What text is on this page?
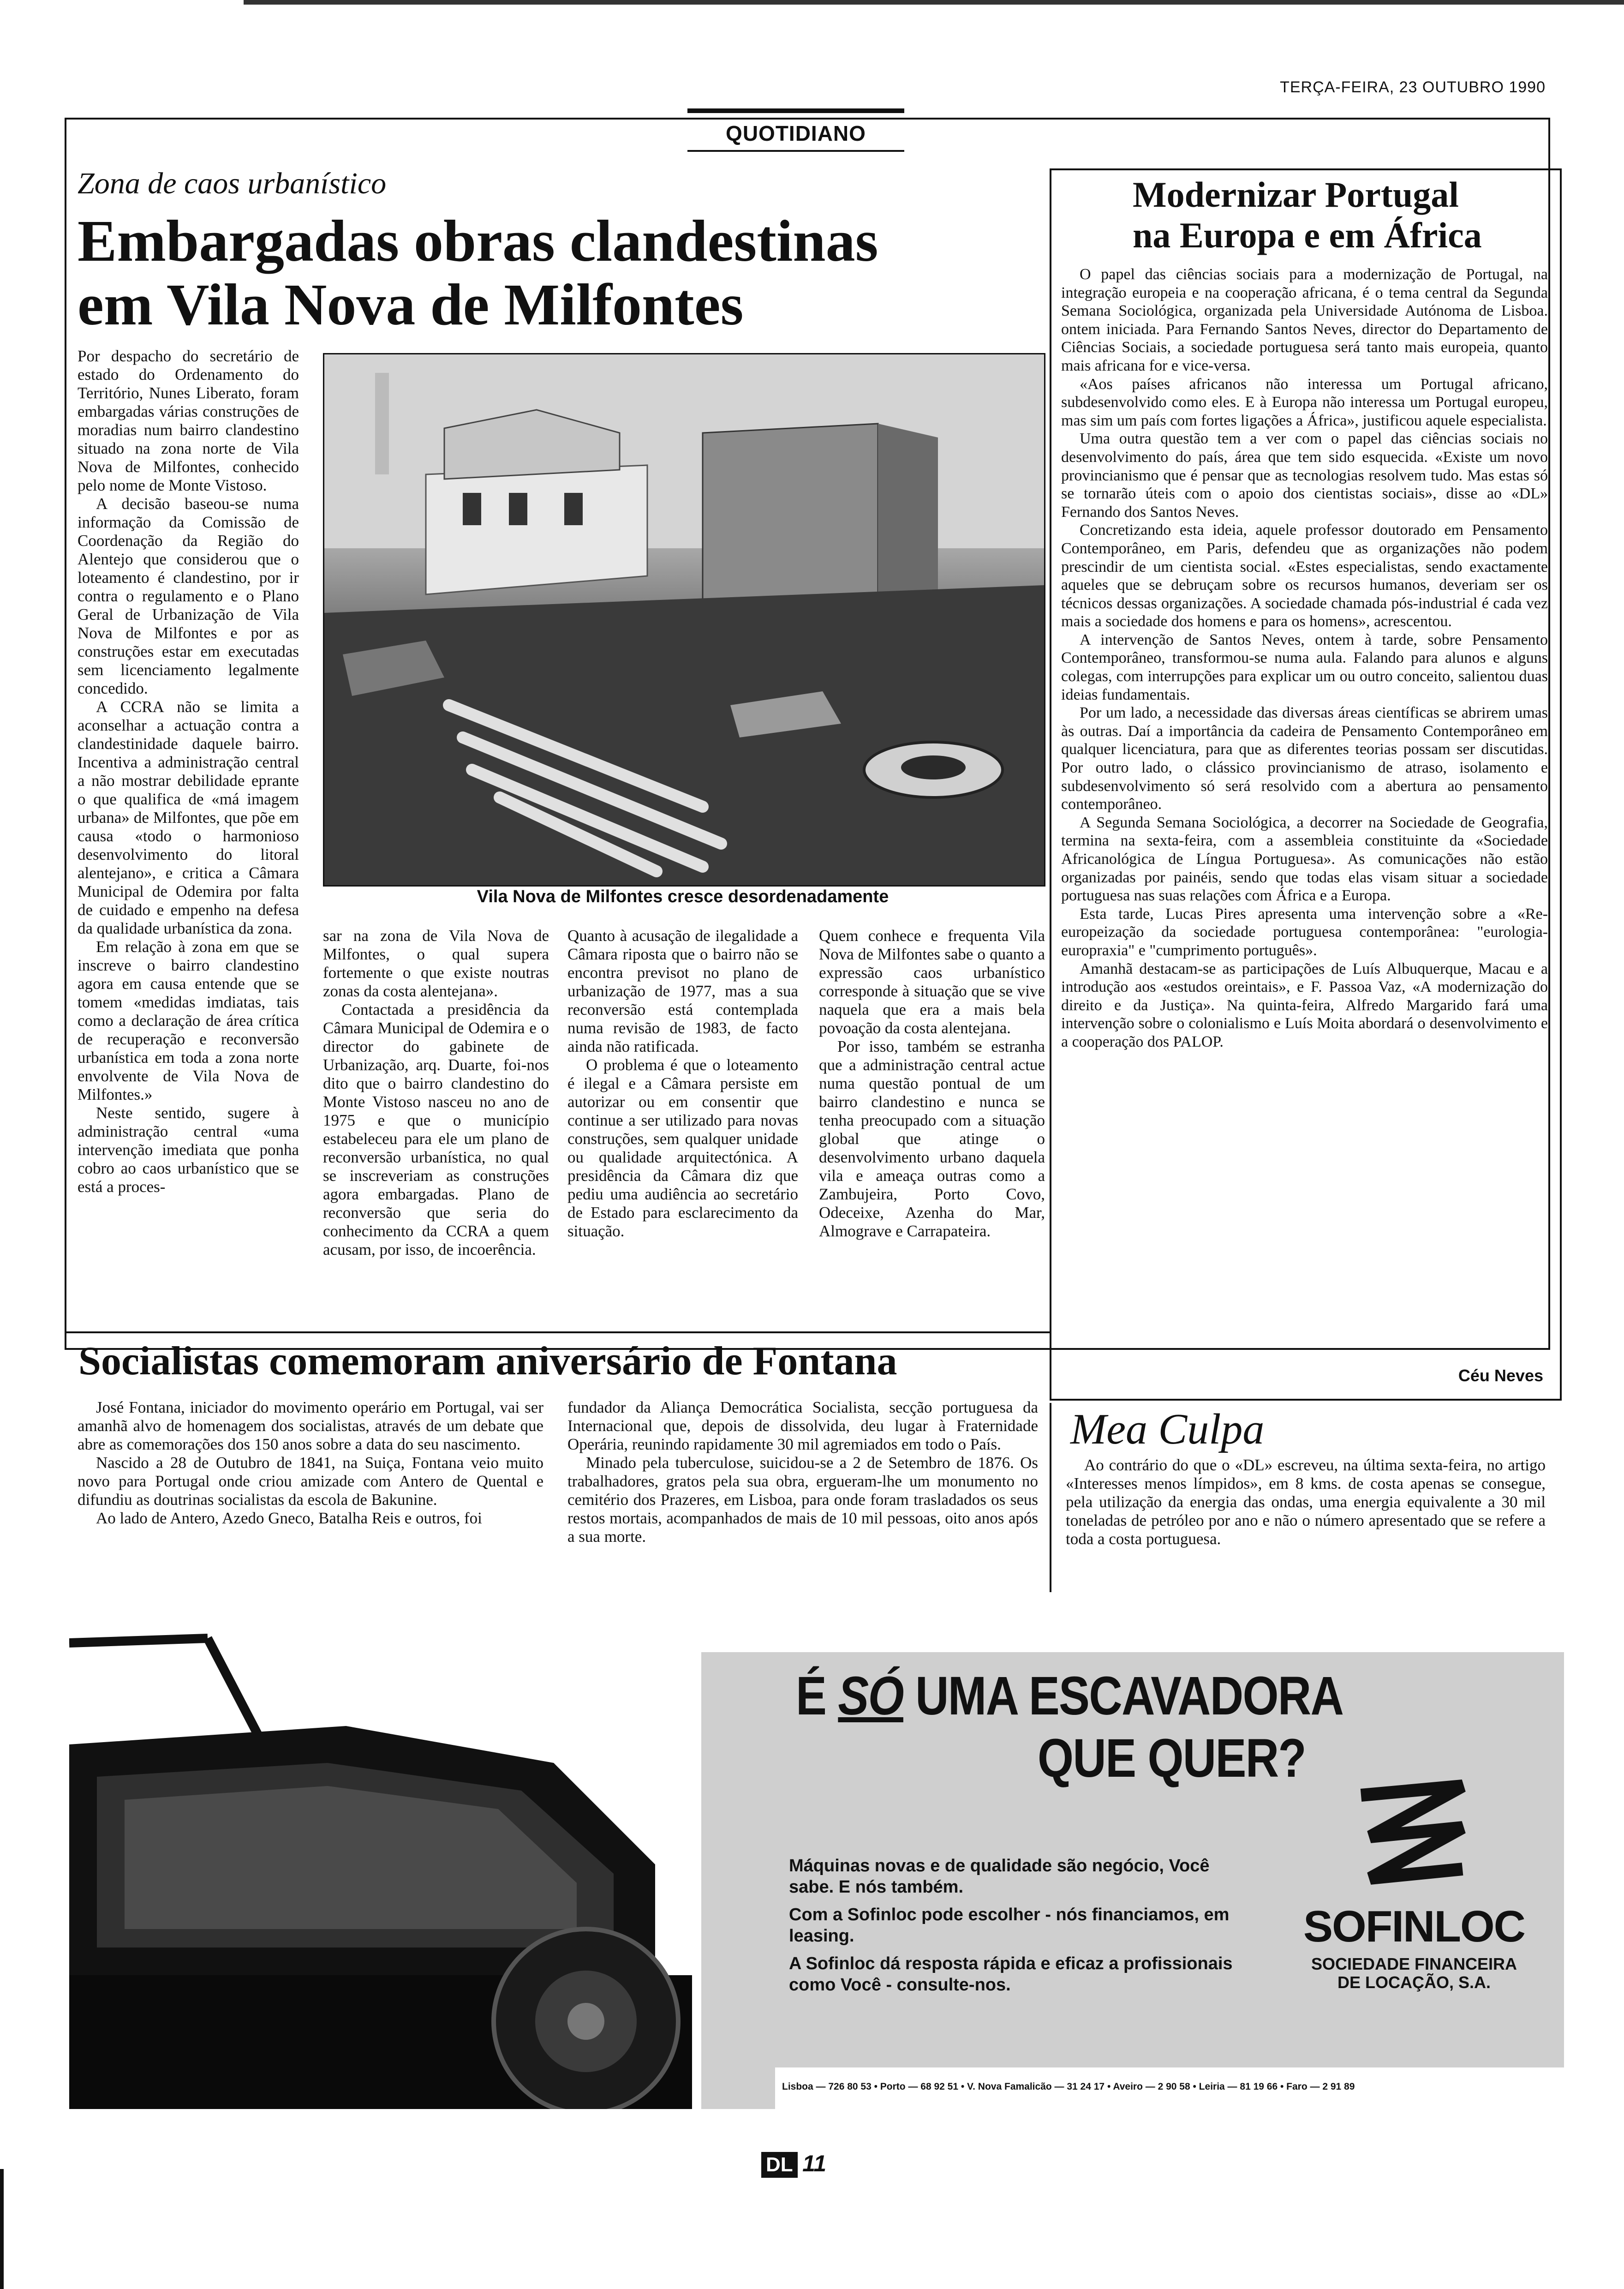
TERÇA-FEIRA, 23 OUTUBRO 1990
QUOTIDIANO
Zona de caos urbanístico
Embargadas obras clandestinas
em Vila Nova de Milfontes
Vila Nova de Milfontes cresce desordenadamente

Por despacho do secretário de estado do Ordenamento do Território, Nunes Liberato, foram embargadas várias construções de moradias num bairro clandestino situado na zona norte de Vila Nova de Milfontes, conhecido pelo nome de Monte Vistoso.

A decisão baseou-se numa informação da Comissão de Coordenação da Região do Alentejo que considerou que o loteamento é clandestino, por ir contra o regulamento e o Plano Geral de Urbanização de Vila Nova de Milfontes e por as construções estar em executadas sem licenciamento legalmente concedido.

A CCRA não se limita a aconselhar a actuação contra a clandestinidade daquele bairro. Incentiva a administração central a não mostrar debilidade eprante o que qualifica de «má imagem urbana» de Milfontes, que põe em causa «todo o harmonioso desenvolvimento do litoral alentejano», e critica a Câmara Municipal de Odemira por falta de cuidado e empenho na defesa da qualidade urbanística da zona.

Em relação à zona em que se inscreve o bairro clandestino agora em causa entende que se tomem «medidas imdiatas, tais como a declaração de área crítica de recuperação e reconversão urbanística em toda a zona norte envolvente de Vila Nova de Milfontes.»

Neste sentido, sugere à administração central «uma intervenção imediata que ponha cobro ao caos urbanístico que se está a proces-

sar na zona de Vila Nova de Milfontes, o qual supera fortemente o que existe noutras zonas da costa alentejana».

Contactada a presidência da Câmara Municipal de Odemira e o director do gabinete de Urbanização, arq. Duarte, foi-nos dito que o bairro clandestino do Monte Vistoso nasceu no ano de 1975 e que o município estabeleceu para ele um plano de reconversão urbanística, no qual se inscreveriam as construções agora embargadas. Plano de reconversão que seria do conhecimento da CCRA a quem acusam, por isso, de incoerência.

Quanto à acusação de ilegalidade a Câmara riposta que o bairro não se encontra previsot no plano de urbanização de 1977, mas a sua reconversão está contemplada numa revisão de 1983, de facto ainda não ratificada.

O problema é que o loteamento é ilegal e a Câmara persiste em autorizar ou em consentir que continue a ser utilizado para novas construções, sem qualquer unidade ou qualidade arquitectónica. A presidência da Câmara diz que pediu uma audiência ao secretário de Estado para esclarecimento da situação.

Quem conhece e frequenta Vila Nova de Milfontes sabe o quanto a expressão caos urbanístico corresponde à situação que se vive naquela que era a mais bela povoação da costa alentejana.

Por isso, também se estranha que a administração central actue numa questão pontual de um bairro clandestino e nunca se tenha preocupado com a situação global que atinge o desenvolvimento urbano daquela vila e ameaça outras como a Zambujeira, Porto Covo, Odeceixe, Azenha do Mar, Almograve e Carrapateira.

Modernizar Portugal
na Europa e em África

O papel das ciências sociais para a modernização de Portugal, na integração europeia e na cooperação africana, é o tema central da Segunda Semana Sociológica, organizada pela Universidade Autónoma de Lisboa. ontem iniciada. Para Fernando Santos Neves, director do Departamento de Ciências Sociais, a sociedade portuguesa será tanto mais europeia, quanto mais africana for e vice-versa.

«Aos países africanos não interessa um Portugal africano, subdesenvolvido como eles. E à Europa não interessa um Portugal europeu, mas sim um país com fortes ligações a África», justificou aquele especialista.

Uma outra questão tem a ver com o papel das ciências sociais no desenvolvimento do país, área que tem sido esquecida. «Existe um novo provincianismo que é pensar que as tecnologias resolvem tudo. Mas estas só se tornarão úteis com o apoio dos cientistas sociais», disse ao «DL» Fernando dos Santos Neves.

Concretizando esta ideia, aquele professor doutorado em Pensamento Contemporâneo, em Paris, defendeu que as organizações não podem prescindir de um cientista social. «Estes especialistas, sendo exactamente aqueles que se debruçam sobre os recursos humanos, deveriam ser os técnicos dessas organizações. A sociedade chamada pós-industrial é cada vez mais a sociedade dos homens e para os homens», acrescentou.

A intervenção de Santos Neves, ontem à tarde, sobre Pensamento Contemporâneo, transformou-se numa aula. Falando para alunos e alguns colegas, com interrupções para explicar um ou outro conceito, salientou duas ideias fundamentais.

Por um lado, a necessidade das diversas áreas científicas se abrirem umas às outras. Daí a importância da cadeira de Pensamento Contemporâneo em qualquer licenciatura, para que as diferentes teorias possam ser discutidas. Por outro lado, o clássico provincianismo de atraso, isolamento e subdesenvolvimento só será resolvido com a abertura ao pensamento contemporâneo.

A Segunda Semana Sociológica, a decorrer na Sociedade de Geografia, termina na sexta-feira, com a assembleia constituinte da «Sociedade Africanológica de Língua Portuguesa». As comunicações não estão organizadas por painéis, sendo que todas elas visam situar a sociedade portuguesa nas suas relações com África e a Europa.

Esta tarde, Lucas Pires apresenta uma intervenção sobre a «Re-europeização da sociedade portuguesa contemporânea: "eurologia-europraxia" e "cumprimento português».

Amanhã destacam-se as participações de Luís Albuquerque, Macau e a introdução aos «estudos oreintais», e F. Passoa Vaz, «A modernização do direito e da Justiça». Na quinta-feira, Alfredo Margarido fará uma intervenção sobre o colonialismo e Luís Moita abordará o desenvolvimento e a cooperação dos PALOP.

Céu Neves
Socialistas comemoram aniversário de Fontana

José Fontana, iniciador do movimento operário em Portugal, vai ser amanhã alvo de homenagem dos socialistas, através de um debate que abre as comemorações dos 150 anos sobre a data do seu nascimento.

Nascido a 28 de Outubro de 1841, na Suiça, Fontana veio muito novo para Portugal onde criou amizade com Antero de Quental e difundiu as doutrinas socialistas da escola de Bakunine.

Ao lado de Antero, Azedo Gneco, Batalha Reis e outros, foi

fundador da Aliança Democrática Socialista, secção portuguesa da Internacional que, depois de dissolvida, deu lugar à Fraternidade Operária, reunindo rapidamente 30 mil agremiados em todo o País.

Minado pela tuberculose, suicidou-se a 2 de Setembro de 1876. Os trabalhadores, gratos pela sua obra, ergueram-lhe um monumento no cemitério dos Prazeres, em Lisboa, para onde foram trasladados os seus restos mortais, acompanhados de mais de 10 mil pessoas, oito anos após a sua morte.

Mea Culpa

Ao contrário do que o «DL» escreveu, na última sexta-feira, no artigo «Interesses menos límpidos», em 8 kms. de costa apenas se consegue, pela utilização da energia das ondas, uma energia equivalente a 30 mil toneladas de petróleo por ano e não o número apresentado que se refere a toda a costa portuguesa.

É SÓ UMA ESCAVADORA
QUE QUER?
Máquinas novas e de qualidade são negócio, Você sabe. E nós também.
Com a Sofinloc pode escolher - nós financiamos, em leasing.
A Sofinloc dá resposta rápida e eficaz a profissionais como Você - consulte-nos.
SOFINLOC
SOCIEDADE FINANCEIRA
DE LOCAÇÃO, S.A.
Lisboa — 726 80 53 • Porto — 68 92 51 • V. Nova Famalicão — 31 24 17 • Aveiro — 2 90 58 • Leiria — 81 19 66 • Faro — 2 91 89
DL 11
